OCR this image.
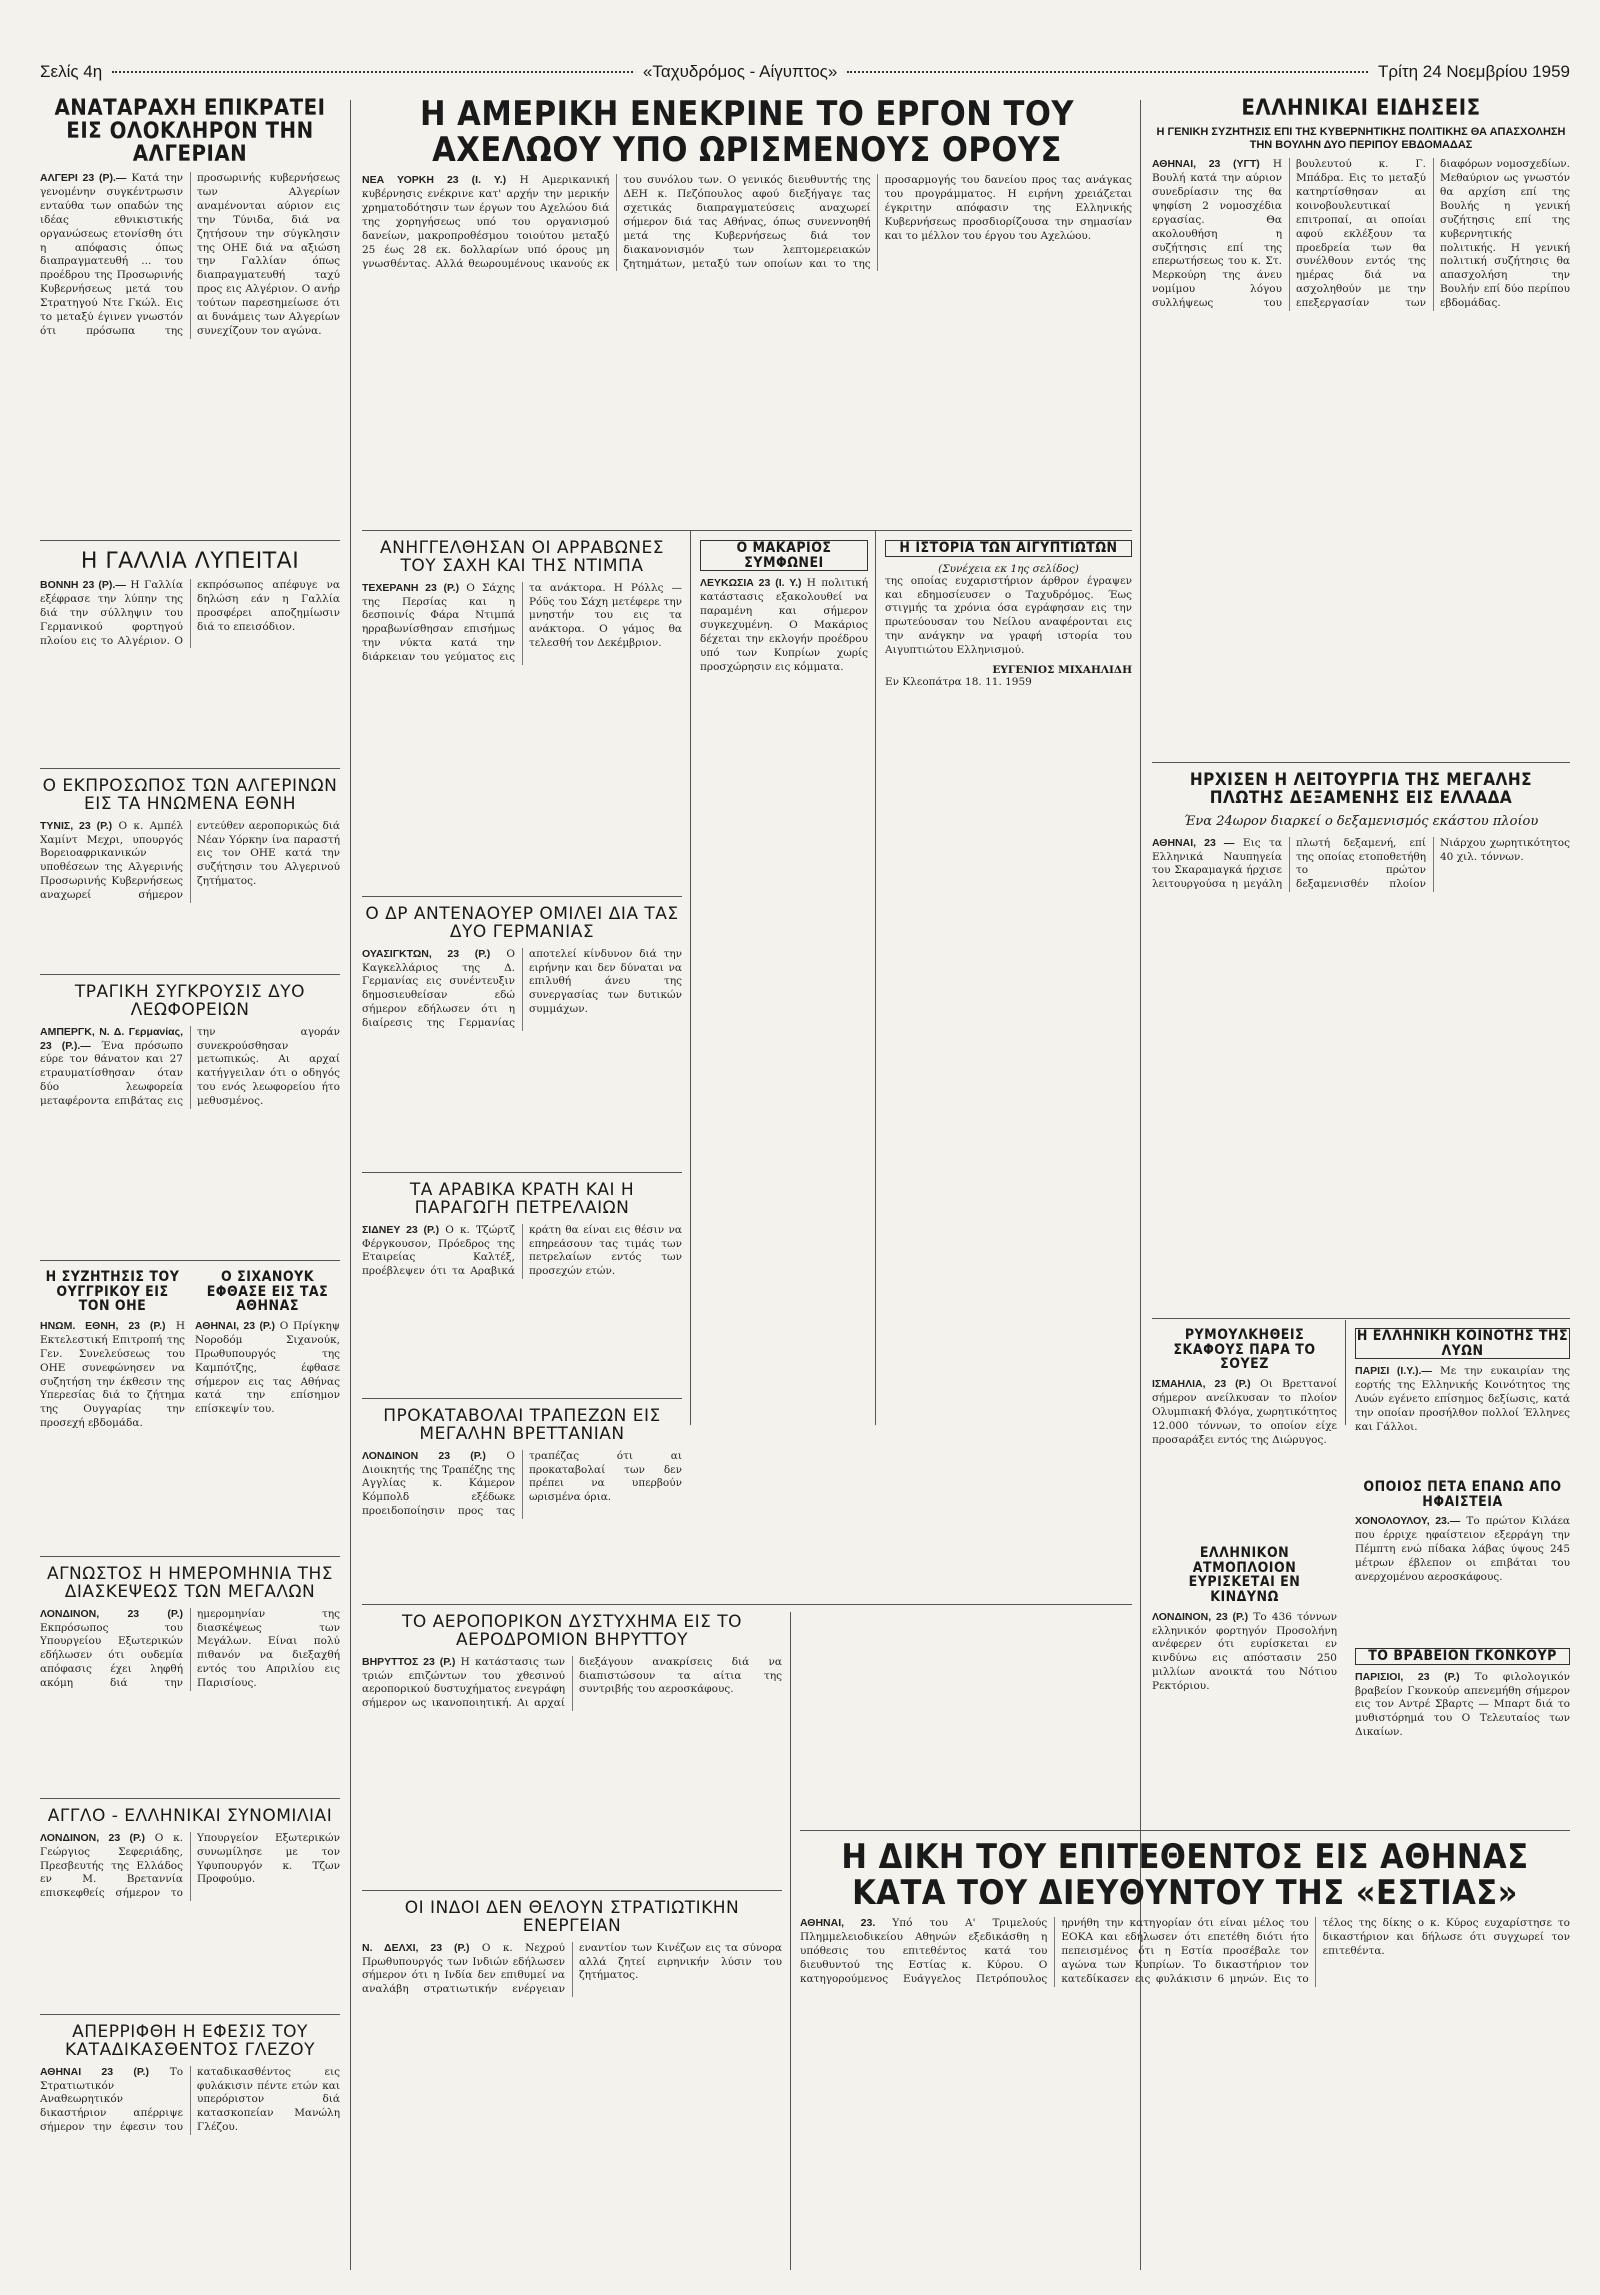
Σελίς 4η	«Ταχυδρόμος - Αίγυπτος»	Τρίτη 24 Νοεμβρίου 1959
ΑΝΑΤΑΡΑΧΗ ΕΠΙΚΡΑΤΕΙ ΕΙΣ ΟΛΟΚΛΗΡΟΝ ΤΗΝ ΑΛΓΕΡΙΑΝ

ΑΛΓΕΡΙ 23 (Ρ).— Κατά την γενομένην συγκέντρωσιν ενταύθα των οπαδών της ιδέας εθνικιστικής οργανώσεως ετονίσθη ότι η απόφασις όπως διαπραγματευθή ... του προέδρου της Προσωρινής Κυβερνήσεως μετά του Στρατηγού Ντε Γκώλ. Εις το μεταξύ έγινεν γνωστόν ότι πρόσωπα της προσωρινής κυβερνήσεως των Αλγερίων αναμένονται αύριον εις την Τύνιδα, διά να ζητήσουν την σύγκλησιν της ΟΗΕ διά να αξιώση την Γαλλίαν όπως διαπραγματευθή ταχύ προς εις Αλγέριον. Ο ανήρ τούτων παρεσημείωσε ότι αι δυνάμεις των Αλγερίων συνεχίζουν τον αγώνα.

Η ΓΑΛΛΙΑ ΛΥΠΕΙΤΑΙ

ΒΟΝΝΗ 23 (Ρ).— Η Γαλλία εξέφρασε την λύπην της διά την σύλληψιν του Γερμανικού φορτηγού πλοίου εις το Αλγέριον. Ο εκπρόσωπος απέφυγε να δηλώση εάν η Γαλλία προσφέρει αποζημίωσιν διά το επεισόδιον.

Ο ΕΚΠΡΟΣΩΠΟΣ ΤΩΝ ΑΛΓΕΡΙΝΩΝ ΕΙΣ ΤΑ ΗΝΩΜΕΝΑ ΕΘΝΗ

ΤΥΝΙΣ, 23 (Ρ.) Ο κ. Αμπέλ Χαμίντ Μεχρι, υπουργός Βορειοαφρικανικών υποθέσεων της Αλγερινής Προσωρινής Κυβερνήσεως αναχωρεί σήμερον εντεύθεν αεροπορικώς διά Νέαν Υόρκην ίνα παραστή εις τον ΟΗΕ κατά την συζήτησιν του Αλγερινού ζητήματος.

ΤΡΑΓΙΚΗ ΣΥΓΚΡΟΥΣΙΣ ΔΥΟ ΛΕΩΦΟΡΕΙΩΝ

ΑΜΠΕΡΓΚ, Ν. Δ. Γερμανίας, 23 (Ρ.).— Ένα πρόσωπο εύρε τον θάνατον και 27 ετραυματίσθησαν όταν δύο λεωφορεία μεταφέροντα επιβάτας εις την αγοράν συνεκρούσθησαν μετωπικώς. Αι αρχαί κατήγγειλαν ότι ο οδηγός του ενός λεωφορείου ήτο μεθυσμένος.

Η ΣΥΖΗΤΗΣΙΣ ΤΟΥ ΟΥΓΓΡΙΚΟΥ ΕΙΣ ΤΟΝ ΟΗΕ

ΗΝΩΜ. ΕΘΝΗ, 23 (Ρ.) Η Εκτελεστική Επιτροπή της Γεν. Συνελεύσεως του ΟΗΕ συνεφώνησεν να συζητήση την έκθεσιν της Υπερεσίας διά το ζήτημα της Ουγγαρίας την προσεχή εβδομάδα.

Ο ΣΙΧΑΝΟΥΚ ΕΦΘΑΣΕ ΕΙΣ ΤΑΣ ΑΘΗΝΑΣ

ΑΘΗΝΑΙ, 23 (Ρ.) Ο Πρίγκηψ Νοροδόμ Σιχανούκ, Πρωθυπουργός της Καμπότζης, έφθασε σήμερον εις τας Αθήνας κατά την επίσημον επίσκεψίν του.

ΑΓΝΩΣΤΟΣ Η ΗΜΕΡΟΜΗΝΙΑ ΤΗΣ ΔΙΑΣΚΕΨΕΩΣ ΤΩΝ ΜΕΓΑΛΩΝ

ΛΟΝΔΙΝΟΝ, 23 (Ρ.) Εκπρόσωπος του Υπουργείου Εξωτερικών εδήλωσεν ότι ουδεμία απόφασις έχει ληφθή ακόμη διά την ημερομηνίαν της διασκέψεως των Μεγάλων. Είναι πολύ πιθανόν να διεξαχθή εντός του Απριλίου εις Παρισίους.

ΑΓΓΛΟ - ΕΛΛΗΝΙΚΑΙ ΣΥΝΟΜΙΛΙΑΙ

ΛΟΝΔΙΝΟΝ, 23 (Ρ.) Ο κ. Γεώργιος Σεφεριάδης, Πρεσβευτής της Ελλάδος εν Μ. Βρεταννία επισκεφθείς σήμερον το Υπουργείον Εξωτερικών συνωμίλησε με τον Υφυπουργόν κ. Τζων Προφούμο.

ΑΠΕΡΡΙΦΘΗ Η ΕΦΕΣΙΣ ΤΟΥ ΚΑΤΑΔΙΚΑΣΘΕΝΤΟΣ ΓΛΕΖΟΥ

ΑΘΗΝΑΙ 23 (Ρ.) Το Στρατιωτικόν Αναθεωρητικόν δικαστήριον απέρριψε σήμερον την έφεσιν του καταδικασθέντος εις φυλάκισιν πέντε ετών και υπερόριστον διά κατασκοπείαν Μανώλη Γλέζου.

Η ΑΜΕΡΙΚΗ ΕΝΕΚΡΙΝΕ ΤΟ ΕΡΓΟΝ ΤΟΥ ΑΧΕΛΩΟΥ ΥΠΟ ΩΡΙΣΜΕΝΟΥΣ ΟΡΟΥΣ

ΝΕΑ ΥΟΡΚΗ 23 (Ι. Υ.) Η Αμερικανική κυβέρνησις ενέκρινε κατ' αρχήν την μερικήν χρηματοδότησιν των έργων του Αχελώου διά της χορηγήσεως υπό του οργανισμού δανείων, μακροπροθέσμου τοιούτου μεταξύ 25 έως 28 εκ. δολλαρίων υπό όρους μη γνωσθέντας. Αλλά θεωρουμένους ικανούς εκ του συνόλου των. Ο γενικός διευθυντής της ΔΕΗ κ. Πεζόπουλος αφού διεξήγαγε τας σχετικάς διαπραγματεύσεις αναχωρεί σήμερον διά τας Αθήνας, όπως συνεννοηθή μετά της Κυβερνήσεως διά τον διακανονισμόν των λεπτομερειακών ζητημάτων, μεταξύ των οποίων και το της προσαρμογής του δανείου προς τας ανάγκας του προγράμματος. Η ειρήνη χρειάζεται έγκριτην απόφασιν της Ελληνικής Κυβερνήσεως προσδιορίζουσα την σημασίαν και το μέλλον του έργου του Αχελώου.

ΑΝΗΓΓΕΛΘΗΣΑΝ ΟΙ ΑΡΡΑΒΩΝΕΣ ΤΟΥ ΣΑΧΗ ΚΑΙ ΤΗΣ ΝΤΙΜΠΑ

ΤΕΧΕΡΑΝΗ 23 (Ρ.) Ο Σάχης της Περσίας και η δεσποινίς Φάρα Ντιμπά ηρραβωνίσθησαν επισήμως την νύκτα κατά την διάρκειαν του γεύματος εις τα ανάκτορα. Η Ρόλλς — Ρόϋς του Σάχη μετέφερε την μνηστήν του εις τα ανάκτορα. Ο γάμος θα τελεσθή τον Δεκέμβριον.

Ο ΜΑΚΑΡΙΟΣ ΣΥΜΦΩΝΕΙ

ΛΕΥΚΩΣΙΑ 23 (Ι. Υ.) Η πολιτική κατάστασις εξακολουθεί να παραμένη και σήμερον συγκεχυμένη. Ο Μακάριος δέχεται την εκλογήν προέδρου υπό των Κυπρίων χωρίς προσχώρησιν εις κόμματα.

Η ΙΣΤΟΡΙΑ ΤΩΝ ΑΙΓΥΠΤΙΩΤΩΝ
(Συνέχεια εκ 1ης σελίδος)

της οποίας ευχαριστήριον άρθρον έγραψεν και εδημοσίευσεν ο Ταχυδρόμος. Έως στιγμής τα χρόνια όσα εγράφησαν εις την πρωτεύουσαν του Νείλου αναφέρονται εις την ανάγκην να γραφή ιστορία του Αιγυπτιώτου Ελληνισμού.

ΕΥΓΕΝΙΟΣ ΜΙΧΑΗΛΙΔΗ

Εν Κλεοπάτρα 18. 11. 1959

Ο ΔΡ ΑΝΤΕΝΑΟΥΕΡ ΟΜΙΛΕΙ ΔΙΑ ΤΑΣ ΔΥΟ ΓΕΡΜΑΝΙΑΣ

ΟΥΑΣΙΓΚΤΩΝ, 23 (Ρ.) Ο Καγκελλάριος της Δ. Γερμανίας εις συνέντευξιν δημοσιευθείσαν εδώ σήμερον εδήλωσεν ότι η διαίρεσις της Γερμανίας αποτελεί κίνδυνον διά την ειρήνην και δεν δύναται να επιλυθή άνευ της συνεργασίας των δυτικών συμμάχων.

ΤΑ ΑΡΑΒΙΚΑ ΚΡΑΤΗ ΚΑΙ Η ΠΑΡΑΓΩΓΗ ΠΕΤΡΕΛΑΙΩΝ

ΣΙΔΝΕΥ 23 (Ρ.) Ο κ. Τζώρτζ Φέργκουσον, Πρόεδρος της Εταιρείας Καλτέξ, προέβλεψεν ότι τα Αραβικά κράτη θα είναι εις θέσιν να επηρεάσουν τας τιμάς των πετρελαίων εντός των προσεχών ετών.

ΠΡΟΚΑΤΑΒΟΛΑΙ ΤΡΑΠΕΖΩΝ ΕΙΣ ΜΕΓΑΛΗΝ ΒΡΕΤΤΑΝΙΑΝ

ΛΟΝΔΙΝΟΝ 23 (Ρ.) Ο Διοικητής της Τραπέζης της Αγγλίας κ. Κάμερον Κόμπολδ εξέδωκε προειδοποίησιν προς τας τραπέζας ότι αι προκαταβολαί των δεν πρέπει να υπερβούν ωρισμένα όρια.

ΤΟ ΑΕΡΟΠΟΡΙΚΟΝ ΔΥΣΤΥΧΗΜΑ ΕΙΣ ΤΟ ΑΕΡΟΔΡΟΜΙΟΝ ΒΗΡΥΤΤΟΥ

ΒΗΡΥΤΤΟΣ 23 (Ρ.) Η κατάστασις των τριών επιζώντων του χθεσινού αεροπορικού δυστυχήματος ενεγράφη σήμερον ως ικανοποιητική. Αι αρχαί διεξάγουν ανακρίσεις διά να διαπιστώσουν τα αίτια της συντριβής του αεροσκάφους.

ΟΙ ΙΝΔΟΙ ΔΕΝ ΘΕΛΟΥΝ ΣΤΡΑΤΙΩΤΙΚΗΝ ΕΝΕΡΓΕΙΑΝ

Ν. ΔΕΛΧΙ, 23 (Ρ.) Ο κ. Νεχρού Πρωθυπουργός των Ινδιών εδήλωσεν σήμερον ότι η Ινδία δεν επιθυμεί να αναλάβη στρατιωτικήν ενέργειαν εναντίον των Κινέζων εις τα σύνορα αλλά ζητεί ειρηνικήν λύσιν του ζητήματος.

ΕΛΛΗΝΙΚΑΙ ΕΙΔΗΣΕΙΣ
Η ΓΕΝΙΚΗ ΣΥΖΗΤΗΣΙΣ ΕΠΙ ΤΗΣ ΚΥΒΕΡΝΗΤΙΚΗΣ ΠΟΛΙΤΙΚΗΣ ΘΑ ΑΠΑΣΧΟΛΗΣΗ ΤΗΝ ΒΟΥΛΗΝ ΔΥΟ ΠΕΡΙΠΟΥ ΕΒΔΟΜΑΔΑΣ

ΑΘΗΝΑΙ, 23 (ΥΓΤ) Η Βουλή κατά την αύριον συνεδρίασιν της θα ψηφίση 2 νομοσχέδια εργασίας. Θα ακολουθήση η συζήτησις επί της επερωτήσεως του κ. Στ. Μερκούρη της άνευ νομίμου λόγου συλλήψεως του βουλευτού κ. Γ. Μπάδρα. Εις το μεταξύ κατηρτίσθησαν αι κοινοβουλευτικαί επιτροπαί, αι οποίαι αφού εκλέξουν τα προεδρεία των θα συνέλθουν εντός της ημέρας διά να ασχοληθούν με την επεξεργασίαν των διαφόρων νομοσχεδίων. Μεθαύριον ως γνωστόν θα αρχίση επί της Βουλής η γενική συζήτησις επί της κυβερνητικής πολιτικής. Η γενική πολιτική συζήτησις θα απασχολήση την Βουλήν επί δύο περίπου εβδομάδας.

ΗΡΧΙΣΕΝ Η ΛΕΙΤΟΥΡΓΙΑ ΤΗΣ ΜΕΓΑΛΗΣ ΠΛΩΤΗΣ ΔΕΞΑΜΕΝΗΣ ΕΙΣ ΕΛΛΑΔΑ
Ένα 24ωρον διαρκεί ο δεξαμενισμός εκάστου πλοίου

ΑΘΗΝΑΙ, 23 — Εις τα Ελληνικά Ναυπηγεία του Σκαραμαγκά ήρχισε λειτουργούσα η μεγάλη πλωτή δεξαμενή, επί της οποίας ετοποθετήθη το πρώτον δεξαμενισθέν πλοίον Νιάρχου χωρητικότητος 40 χιλ. τόννων.

ΡΥΜΟΥΛΚΗΘΕΙΣ ΣΚΑΦΟΥΣ ΠΑΡΑ ΤΟ ΣΟΥΕΖ

ΙΣΜΑΗΛΙΑ, 23 (Ρ.) Οι Βρεττανοί σήμερον ανείλκυσαν το πλοίον Ολυμπιακή Φλόγα, χωρητικότητος 12.000 τόννων, το οποίον είχε προσαράξει εντός της Διώρυγος.

ΕΛΛΗΝΙΚΟΝ ΑΤΜΟΠΛΟΙΟΝ ΕΥΡΙΣΚΕΤΑΙ ΕΝ ΚΙΝΔΥΝΩ

ΛΟΝΔΙΝΟΝ, 23 (Ρ.) Το 436 τόννων ελληνικόν φορτηγόν Προσολήνη ανέφερεν ότι ευρίσκεται εν κινδύνω εις απόστασιν 250 μιλλίων ανοικτά του Νότιου Ρεκτόριου.

Η ΕΛΛΗΝΙΚΗ ΚΟΙΝΟΤΗΣ ΤΗΣ ΛΥΩΝ

ΠΑΡΙΣΙ (Ι.Υ.).— Με την ευκαιρίαν της εορτής της Ελληνικής Κοινότητος της Λυών εγένετο επίσημος δεξίωσις, κατά την οποίαν προσήλθον πολλοί Έλληνες και Γάλλοι.

ΟΠΟΙΟΣ ΠΕΤΑ ΕΠΑΝΩ ΑΠΟ ΗΦΑΙΣΤΕΙΑ

ΧΟΝΟΛΟΥΛΟΥ, 23.— Το πρώτον Κιλάεα που έρριχε ηφαίστειον εξερράγη την Πέμπτη ενώ πίδακα λάβας ύψους 245 μέτρων έβλεπον οι επιβάται του ανερχομένου αεροσκάφους.

ΤΟ ΒΡΑΒΕΙΟΝ ΓΚΟΝΚΟΥΡ

ΠΑΡΙΣΙΟΙ, 23 (Ρ.) Το φιλολογικόν βραβείον Γκονκούρ απενεμήθη σήμερον εις τον Αντρέ Σβαρτς — Μπαρτ διά το μυθιστόρημά του Ο Τελευταίος των Δικαίων.

Η ΔΙΚΗ ΤΟΥ ΕΠΙΤΕΘΕΝΤΟΣ ΕΙΣ ΑΘΗΝΑΣ ΚΑΤΑ ΤΟΥ ΔΙΕΥΘΥΝΤΟΥ ΤΗΣ «ΕΣΤΙΑΣ»

ΑΘΗΝΑΙ, 23. Υπό του Α' Τριμελούς Πλημμελειοδικείου Αθηνών εξεδικάσθη η υπόθεσις του επιτεθέντος κατά του διευθυντού της Εστίας κ. Κύρου. Ο κατηγορούμενος Ευάγγελος Πετρόπουλος ηρνήθη την κατηγορίαν ότι είναι μέλος του ΕΟΚΑ και εδήλωσεν ότι επετέθη διότι ήτο πεπεισμένος ότι η Εστία προσέβαλε τον αγώνα των Κυπρίων. Το δικαστήριον τον κατεδίκασεν εις φυλάκισιν 6 μηνών. Εις το τέλος της δίκης ο κ. Κύρος ευχαρίστησε το δικαστήριον και δήλωσε ότι συγχωρεί τον επιτεθέντα.
